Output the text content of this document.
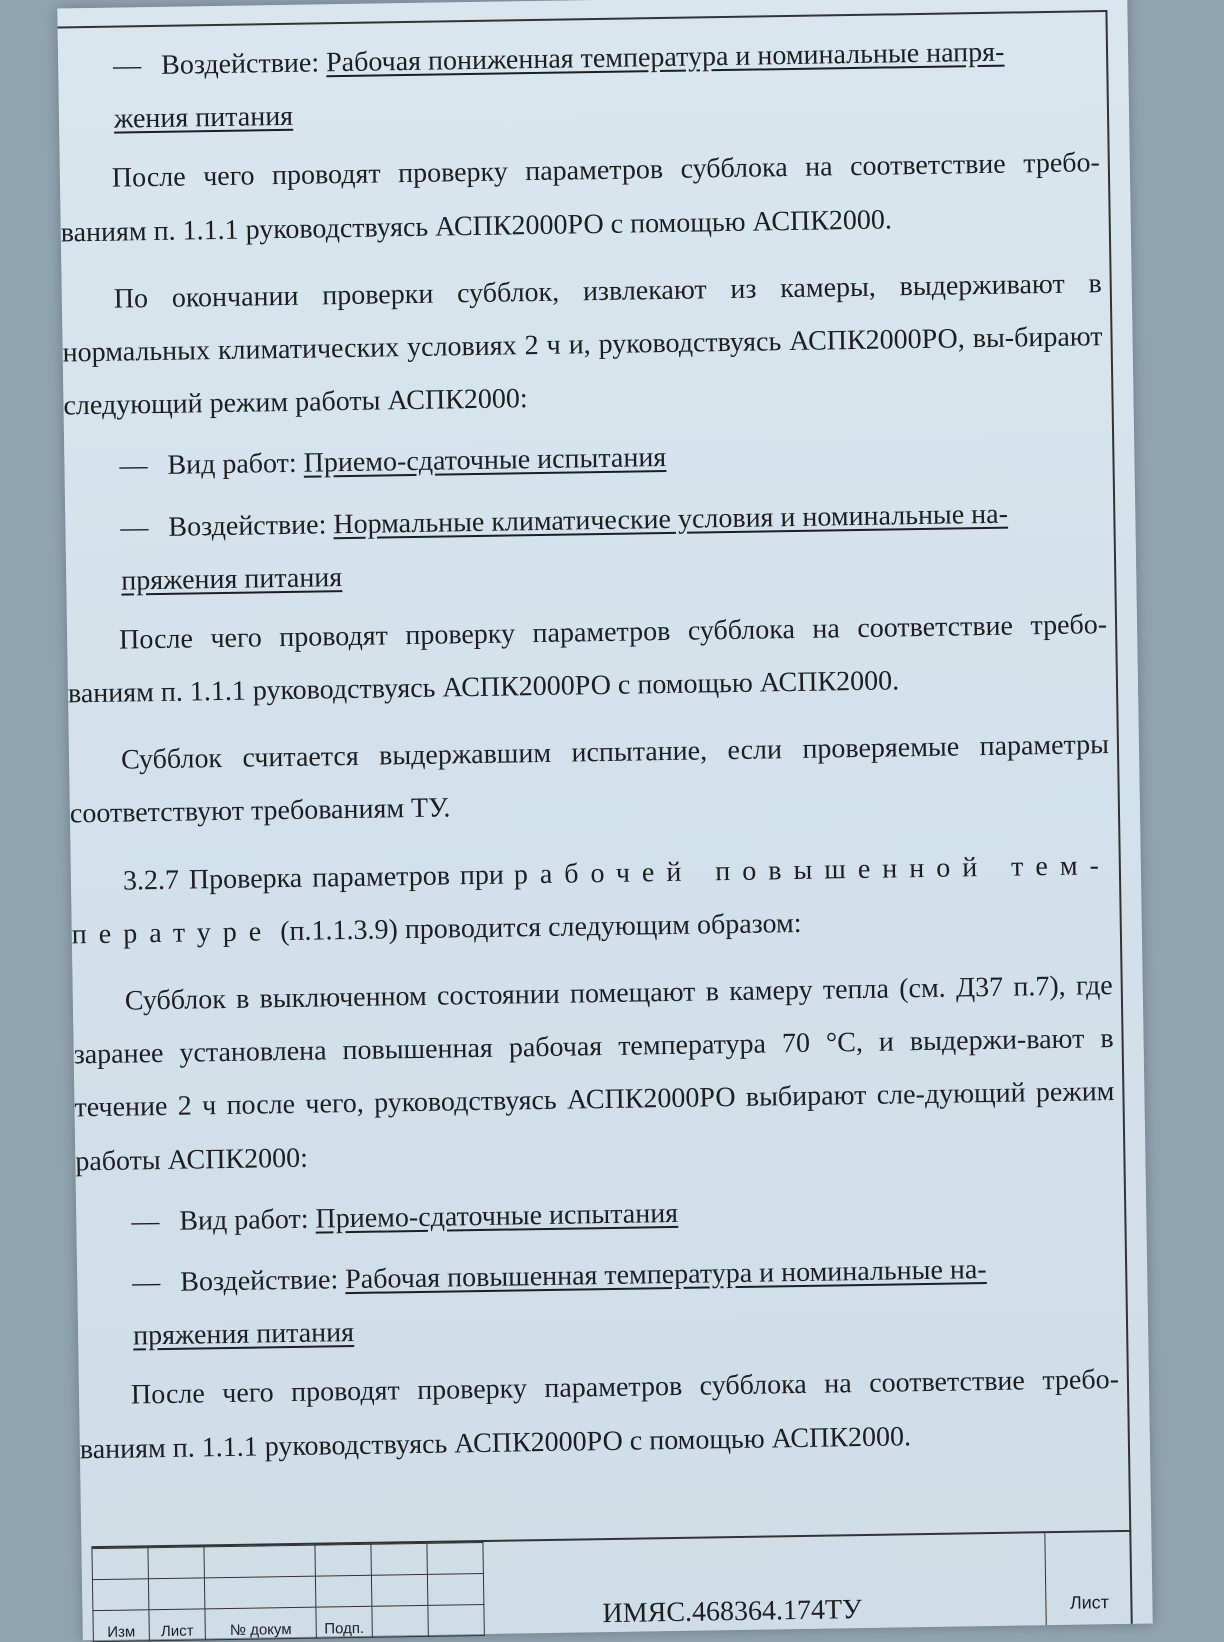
— Воздействие: Рабочая пониженная температура и номинальные напря-

жения питания

После чего проводят проверку параметров субблока на соответствие требо-ваниям п. 1.1.1 руководствуясь АСПК2000РО с помощью АСПК2000.

По окончании проверки субблок, извлекают из камеры, выдерживают в нормальных климатических условиях 2 ч и, руководствуясь АСПК2000РО, вы-бирают следующий режим работы АСПК2000:

— Вид работ: Приемо-сдаточные испытания

— Воздействие: Нормальные климатические условия и номинальные на-

пряжения питания

После чего проводят проверку параметров субблока на соответствие требо-ваниям п. 1.1.1 руководствуясь АСПК2000РО с помощью АСПК2000.

Субблок считается выдержавшим испытание, если проверяемые параметры соответствуют требованиям ТУ.

3.2.7 Проверка параметров при рабочей повышенной тем-пературе (п.1.1.3.9) проводится следующим образом:

Субблок в выключенном состоянии помещают в камеру тепла (см. Д37 п.7), где заранее установлена повышенная рабочая температура 70 °С, и выдержи-вают в течение 2 ч после чего, руководствуясь АСПК2000РО выбирают сле-дующий режим работы АСПК2000:

— Вид работ: Приемо-сдаточные испытания

— Воздействие: Рабочая повышенная температура и номинальные на-

пряжения питания

После чего проводят проверку параметров субблока на соответствие требо-ваниям п. 1.1.1 руководствуясь АСПК2000РО с помощью АСПК2000.

Изм	Лист	№ докум	Подп.			ИМЯС.468364.174ТУ	Лист
